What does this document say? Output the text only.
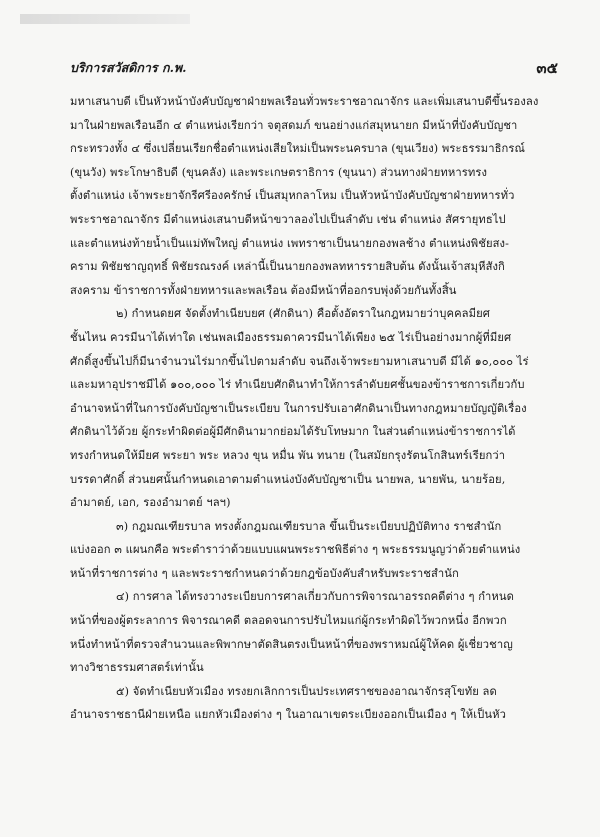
บริการสวัสดิการ ก.พ.	๓๕
มหาเสนาบดี เป็นหัวหน้าบังคับบัญชาฝ่ายพลเรือนทั่วพระราชอาณาจักร และเพิ่มเสนาบดีขึ้นรองลง
มาในฝ่ายพลเรือนอีก ๔ ตำแหน่งเรียกว่า จตุสดมภ์ ขนอย่างแก่สมุหนายก มีหน้าที่บังคับบัญชา
กระทรวงทั้ง ๔ ซึ่งเปลี่ยนเรียกชื่อตำแหน่งเสียใหม่เป็นพระนครบาล (ขุนเวียง) พระธรรมาธิกรณ์
(ขุนวัง) พระโกษาธิบดี (ขุนคลัง) และพระเกษตราธิการ (ขุนนา) ส่วนทางฝ่ายทหารทรง
ตั้งตำแหน่ง เจ้าพระยาจักรีศรีองครักษ์ เป็นสมุหกลาโหม เป็นหัวหน้าบังคับบัญชาฝ่ายทหารทั่ว
พระราชอาณาจักร มีตำแหน่งเสนาบดีหน้าขวาลองไปเป็นลำดับ เช่น ตำแหน่ง สัศรายุทธไป
และตำแหน่งท้ายน้ำเป็นแม่ทัพใหญ่ ตำแหน่ง เพทราชาเป็นนายกองพลช้าง ตำแหน่งพิชัยสง-
คราม พิชัยชาญฤทธิ์ พิชัยรณรงค์ เหล่านี้เป็นนายกองพลทหารรายสิบต้น ดังนั้นเจ้าสมุหีสังกิ
สงคราม ข้าราชการทั้งฝ่ายทหารและพลเรือน ต้องมีหน้าที่ออกรบพุ่งด้วยกันทั้งสิ้น
๒) กำหนดยศ จัดตั้งทำเนียบยศ (ศักดินา) คือตั้งอัตราในกฎหมายว่าบุคคลมียศ
ชั้นไหน ควรมีนาได้เท่าใด เช่นพลเมืองธรรมดาควรมีนาได้เพียง ๒๕ ไร่เป็นอย่างมากผู้ที่มียศ
ศักดิ์สูงขึ้นไปก็มีนาจำนวนไร่มากขึ้นไปตามลำดับ จนถึงเจ้าพระยามหาเสนาบดี มีได้ ๑๐,๐๐๐ ไร่
และมหาอุปราชมีได้ ๑๐๐,๐๐๐ ไร่ ทำเนียบศักดินาทำให้การลำดับยศชั้นของข้าราชการเกี่ยวกับ
อำนาจหน้าที่ในการบังคับบัญชาเป็นระเบียบ ในการปรับเอาศักดินาเป็นทางกฎหมายบัญญัติเรื่อง
ศักดินาไว้ด้วย ผู้กระทำผิดต่อผู้มีศักดินามากย่อมได้รับโทษมาก ในส่วนตำแหน่งข้าราชการได้
ทรงกำหนดให้มียศ พระยา พระ หลวง ขุน หมื่น พัน ทนาย (ในสมัยกรุงรัตนโกสินทร์เรียกว่า
บรรดาศักดิ์ ส่วนยศนั้นกำหนดเอาตามตำแหน่งบังคับบัญชาเป็น นายพล, นายพัน, นายร้อย,
อำมาตย์, เอก, รองอำมาตย์ ฯลฯ)
๓) กฎมณเฑียรบาล ทรงตั้งกฎมณเฑียรบาล ขึ้นเป็นระเบียบปฏิบัติทาง ราชสำนัก
แบ่งออก ๓ แผนกคือ พระตำราว่าด้วยแบบแผนพระราชพิธีต่าง ๆ พระธรรมนูญว่าด้วยตำแหน่ง
หน้าที่ราชการต่าง ๆ และพระราชกำหนดว่าด้วยกฎข้อบังคับสำหรับพระราชสำนัก
๔) การศาล ได้ทรงวางระเบียบการศาลเกี่ยวกับการพิจารณาอรรถคดีต่าง ๆ กำหนด
หน้าที่ของผู้ตระลาการ พิจารณาคดี ตลอดจนการปรับไหมแก่ผู้กระทำผิดไว้พวกหนึ่ง อีกพวก
หนึ่งทำหน้าที่ตรวจสำนวนและพิพากษาตัดสินตรงเป็นหน้าที่ของพราหมณ์ผู้ให้คด ผู้เชี่ยวชาญ
ทางวิชาธรรมศาสตร์เท่านั้น
๕) จัดทำเนียบหัวเมือง ทรงยกเลิกการเป็นประเทศราชของอาณาจักรสุโขทัย ลด
อำนาจราชธานีฝ่ายเหนือ แยกหัวเมืองต่าง ๆ ในอาณาเขตระเบียงออกเป็นเมือง ๆ ให้เป็นหัว
